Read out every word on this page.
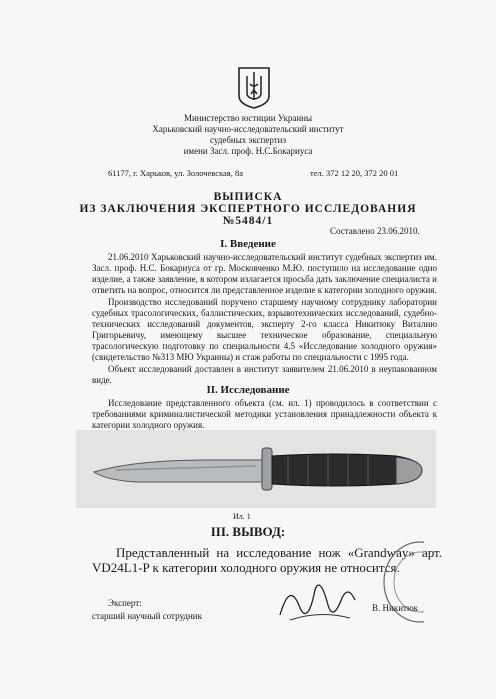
Министерство юстиции Украины
Харьковский научно-исследовательский институт
судебных экспертиз
имени Засл. проф. Н.С.Бокариуса
61177, г. Харьков, ул. Золочевская, 8а	тел. 372 12 20, 372 20 01
ВЫПИСКА
ИЗ ЗАКЛЮЧЕНИЯ ЭКСПЕРТНОГО ИССЛЕДОВАНИЯ
№5484/1
Составлено 23.06.2010.
I. Введение
21.06.2010 Харьковский научно-исследовательский институт судебных экспертиз им. Засл. проф. Н.С. Бокариуса от гр. Московченко М.Ю. поступило на исследование одно изделие, а также заявление, в котором излагается просьба дать заключение специалиста и ответить на вопрос, относится ли представленное изделие к категории холодного оружия.
Производство исследований поручено старшему научному сотруднику лаборатории судебных трасологических, баллистических, взрывотехнических исследований, судебно-технических исследований документов, эксперту 2-го класса Никитюку Виталию Григорьевичу, имеющему высшее техническое образование, специальную трасологическую подготовку по специальности 4.5 «Исследование холодного оружия» (свидетельство №313 МЮ Украины) и стаж работы по специальности с 1995 года.
Объект исследований доставлен в институт заявителем 21.06.2010 в неупакованном виде.
II. Исследование
Исследование представленного объекта (см. ил. 1) проводилось в соответствии с требованиями криминалистической методики установления принадлежности объекта к категории холодного оружия.
Ил. 1
III. ВЫВОД:
Представленный на исследование нож «Grandway» арт. VD24L1-P к категории холодного оружия не относится.
Эксперт:
старший научный сотрудник
В. Никитюк
